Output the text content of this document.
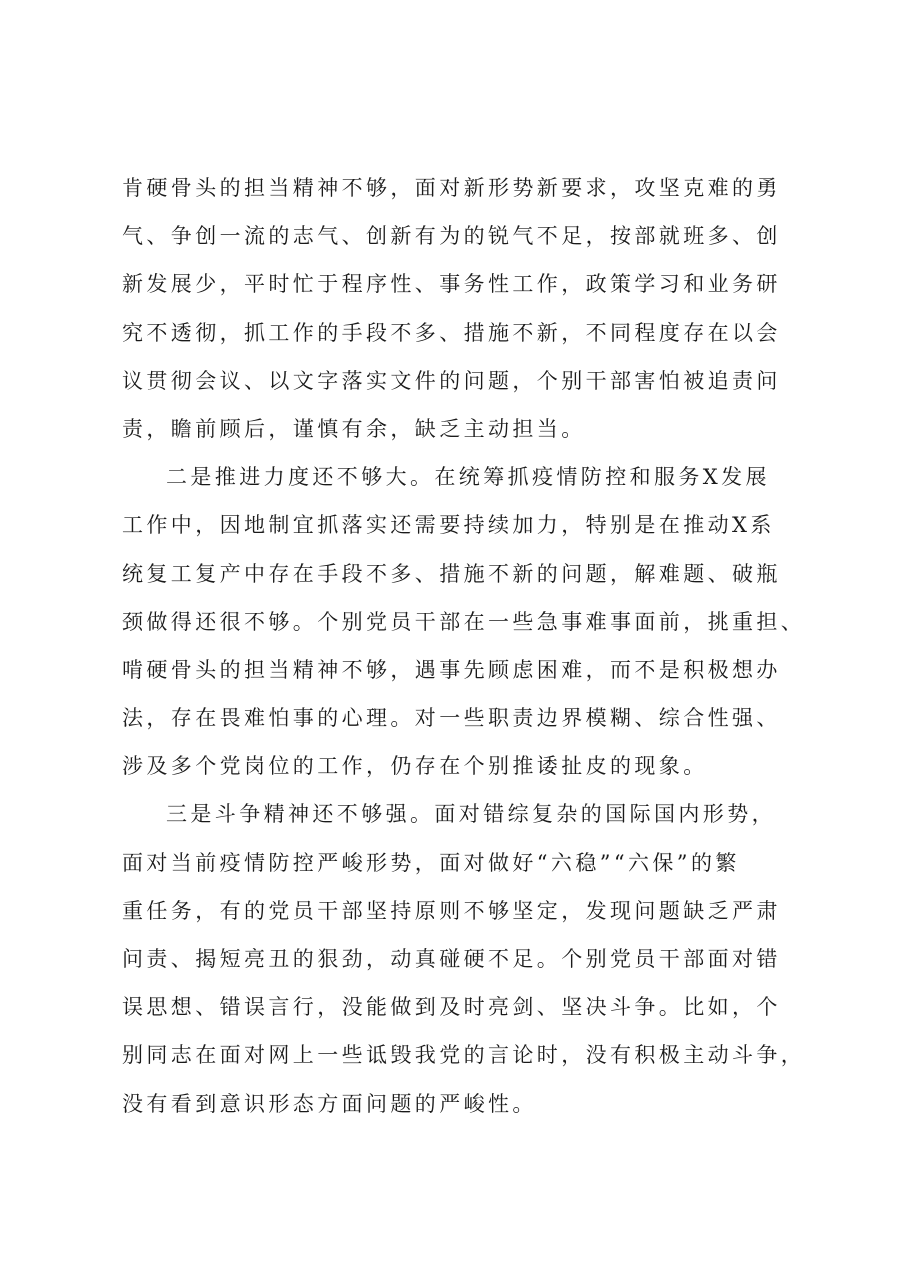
肯硬骨头的担当精神不够，面对新形势新要求，攻坚克难的勇
气、争创一流的志气、创新有为的锐气不足，按部就班多、创
新发展少，平时忙于程序性、事务性工作，政策学习和业务研
究不透彻，抓工作的手段不多、措施不新，不同程度存在以会
议贯彻会议、以文字落实文件的问题，个别干部害怕被追责问
责，瞻前顾后，谨慎有余，缺乏主动担当。
二是推进力度还不够大。在统筹抓疫情防控和服务X发展
工作中，因地制宜抓落实还需要持续加力，特别是在推动X系
统复工复产中存在手段不多、措施不新的问题，解难题、破瓶
颈做得还很不够。个别党员干部在一些急事难事面前，挑重担、
啃硬骨头的担当精神不够，遇事先顾虑困难，而不是积极想办
法，存在畏难怕事的心理。对一些职责边界模糊、综合性强、
涉及多个党岗位的工作，仍存在个别推诿扯皮的现象。
三是斗争精神还不够强。面对错综复杂的国际国内形势，
面对当前疫情防控严峻形势，面对做好“六稳”“六保”的繁
重任务，有的党员干部坚持原则不够坚定，发现问题缺乏严肃
问责、揭短亮丑的狠劲，动真碰硬不足。个别党员干部面对错
误思想、错误言行，没能做到及时亮剑、坚决斗争。比如，个
别同志在面对网上一些诋毁我党的言论时，没有积极主动斗争，
没有看到意识形态方面问题的严峻性。
